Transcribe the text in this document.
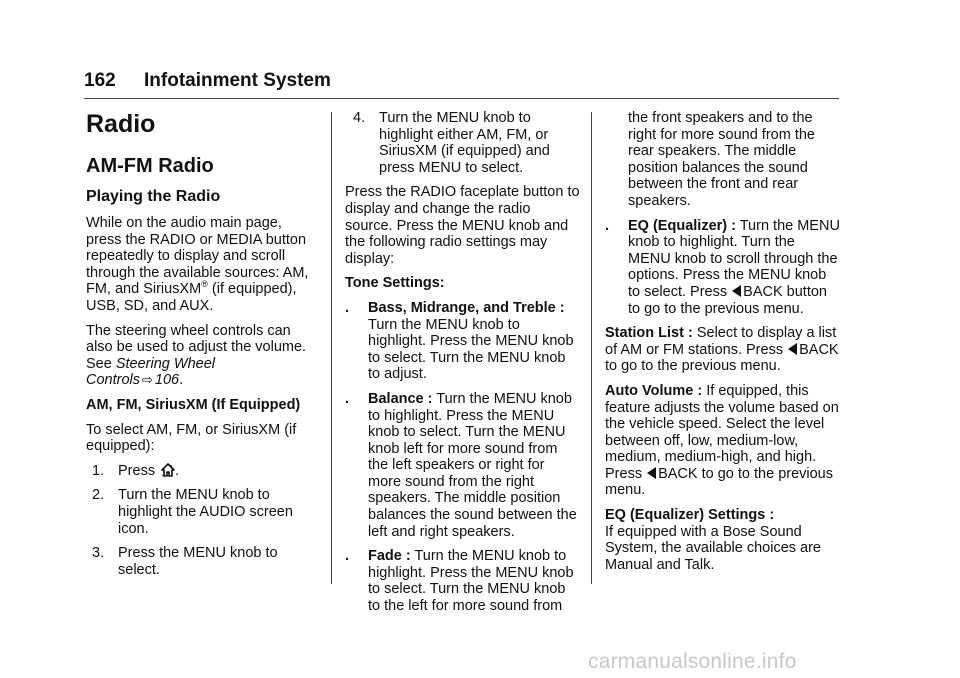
162 Infotainment System
Radio
AM-FM Radio
Playing the Radio

While on the audio main page, press the RADIO or MEDIA button repeatedly to display and scroll through the available sources: AM, FM, and SiriusXM® (if equipped), USB, SD, and AUX.

The steering wheel controls can also be used to adjust the volume. See Steering Wheel Controls ⇨ 106.

AM, FM, SiriusXM (If Equipped)

To select AM, FM, or SiriusXM (if equipped):

1. Press .
2. Turn the MENU knob to highlight the AUDIO screen icon.
3. Press the MENU knob to select.
4. Turn the MENU knob to highlight either AM, FM, or SiriusXM (if equipped) and press MENU to select.

Press the RADIO faceplate button to display and change the radio source. Press the MENU knob and the following radio settings may display:

Tone Settings:

. Bass, Midrange, and Treble : Turn the MENU knob to highlight. Press the MENU knob to select. Turn the MENU knob to adjust.
. Balance : Turn the MENU knob to highlight. Press the MENU knob to select. Turn the MENU knob left for more sound from the left speakers or right for more sound from the right speakers. The middle position balances the sound between the left and right speakers.
. Fade : Turn the MENU knob to highlight. Press the MENU knob to select. Turn the MENU knob to the left for more sound from
the front speakers and to the right for more sound from the rear speakers. The middle position balances the sound between the front and rear speakers.
. EQ (Equalizer) : Turn the MENU knob to highlight. Turn the MENU knob to scroll through the options. Press the MENU knob to select. Press BACK button to go to the previous menu.

Station List : Select to display a list of AM or FM stations. Press BACK to go to the previous menu.

Auto Volume : If equipped, this feature adjusts the volume based on the vehicle speed. Select the level between off, low, medium-low, medium, medium-high, and high. Press BACK to go to the previous menu.

EQ (Equalizer) Settings :
If equipped with a Bose Sound System, the available choices are Manual and Talk.

carmanualsonline.info
